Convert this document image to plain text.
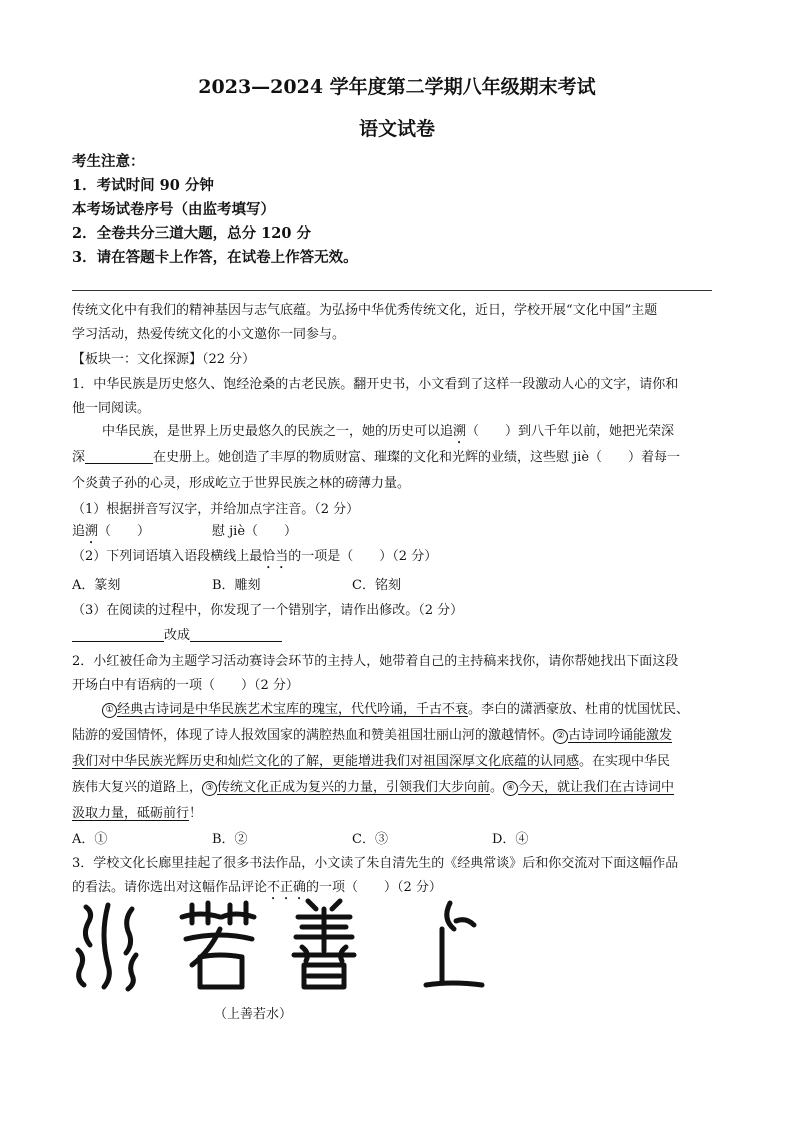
2023—2024 学年度第二学期八年级期末考试
语文试卷
考生注意：
1．考试时间 90 分钟
本考场试卷序号（由监考填写）
2．全卷共分三道大题，总分 120 分
3．请在答题卡上作答，在试卷上作答无效。
传统文化中有我们的精神基因与志气底蕴。为弘扬中华优秀传统文化，近日，学校开展“文化中国”主题
学习活动，热爱传统文化的小文邀你一同参与。
【板块一：文化探源】（22 分）
1．中华民族是历史悠久、饱经沧桑的古老民族。翻开史书，小文看到了这样一段激动人心的文字，请你和
他一同阅读。
中华民族，是世界上历史最悠久的民族之一，她的历史可以追溯（　　）到八千年以前，她把光荣深
深	在史册上。她创造了丰厚的物质财富、璀璨的文化和光辉的业绩，这些慰 jiè（　　）着每一
个炎黄子孙的心灵，形成屹立于世界民族之林的磅薄力量。
（1）根据拼音写汉字，并给加点字注音。（2 分）
追溯（　　）	慰 jiè（　　）
（2）下列词语填入语段横线上最恰当的一项是（　　）（2 分）
A．篆刻	B．雕刻	C．铭刻
（3）在阅读的过程中，你发现了一个错别字，请作出修改。（2 分）
改成
2．小红被任命为主题学习活动赛诗会环节的主持人，她带着自己的主持稿来找你，请你帮她找出下面这段
开场白中有语病的一项（　　）（2 分）
① 经典古诗词是中华民族艺术宝库的瑰宝，代代吟诵，千古不衰。李白的潇洒豪放、杜甫的忧国忧民、
陆游的爱国情怀，体现了诗人报效国家的满腔热血和赞美祖国壮丽山河的激越情怀。 ② 古诗词吟诵能激发
我们对中华民族光辉历史和灿烂文化的了解，更能增进我们对祖国深厚文化底蕴的认同感。在实现中华民
族伟大复兴的道路上， ③ 传统文化正成为复兴的力量，引领我们大步向前。 ④ 今天，就让我们在古诗词中
汲取力量，砥砺前行！
A．①	B．②	C．③	D．④
3．学校文化长廊里挂起了很多书法作品，小文读了朱自清先生的《经典常谈》后和你交流对下面这幅作品
的看法。请你选出对这幅作品评论不正确的一项（　　）（2 分）
（上善若水）
